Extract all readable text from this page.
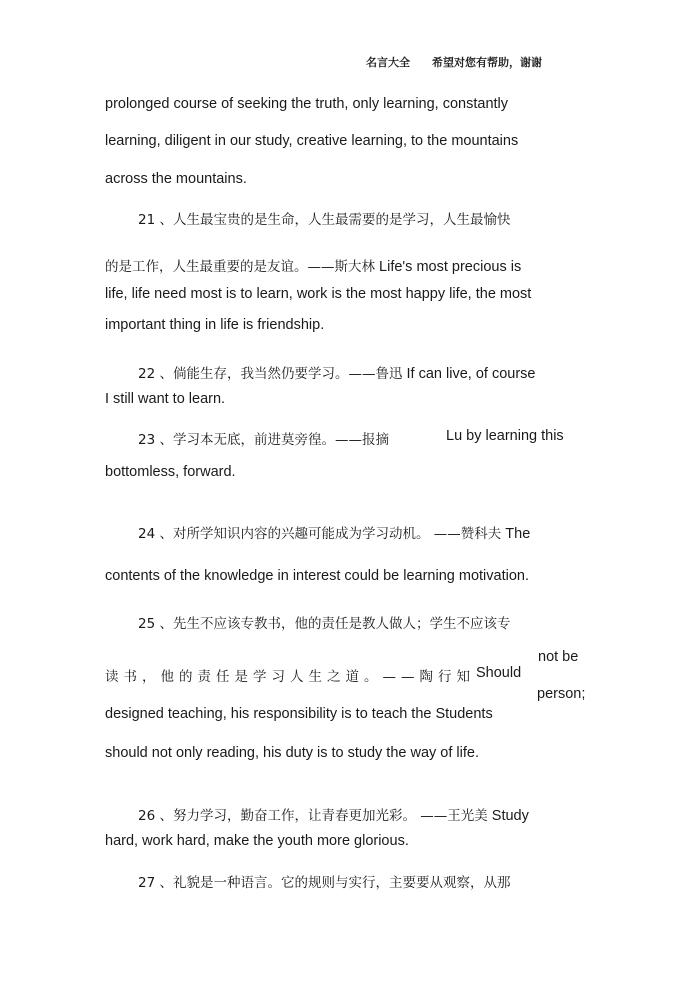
名言大全 希望对您有帮助，谢谢
prolonged course of seeking the truth, only learning, constantly
learning, diligent in our study, creative learning, to the mountains
across the mountains.
21 、人生最宝贵的是生命，人生最需要的是学习，人生最愉快
的是工作，人生最重要的是友谊。——斯大林 Life's most precious is
life, life need most is to learn, work is the most happy life, the most
important thing in life is friendship.
22 、倘能生存，我当然仍要学习。——鲁迅 If can live, of course
I still want to learn.
23 、学习本无底，前进莫旁徨。——报摘	Lu by learning this
bottomless, forward.
24 、对所学知识内容的兴趣可能成为学习动机。 ——赞科夫 The
contents of the knowledge in interest could be learning motivation.
25 、先生不应该专教书，他的责任是教人做人；学生不应该专
not be
读书，他的责任是学习人生之道。——陶行知 Should
person;
designed teaching, his responsibility is to teach the Students
should not only reading, his duty is to study the way of life.
26 、努力学习，勤奋工作，让青春更加光彩。 ——王光美 Study
hard, work hard, make the youth more glorious.
27 、礼貌是一种语言。它的规则与实行，主要要从观察，从那
